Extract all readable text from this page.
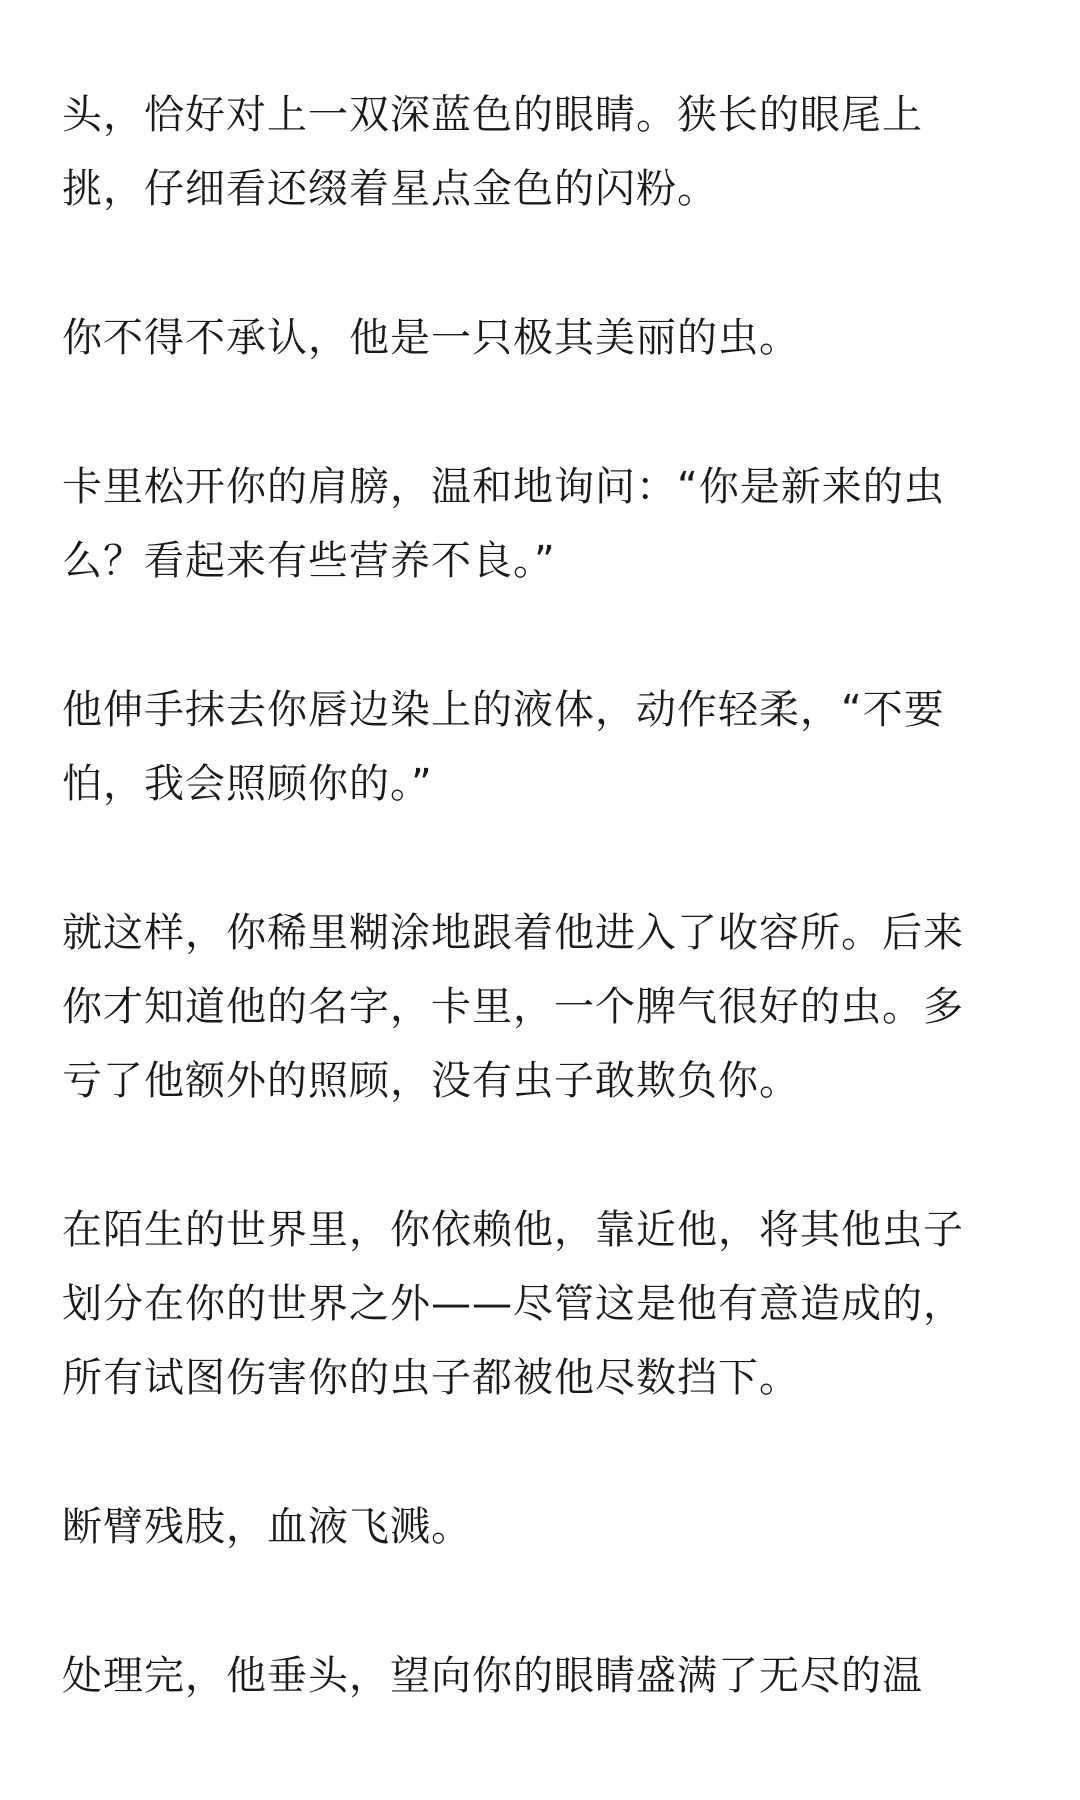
头，恰好对上一双深蓝色的眼睛。狭长的眼尾上
挑，仔细看还缀着星点金色的闪粉。

你不得不承认，他是一只极其美丽的虫。

卡里松开你的肩膀，温和地询问：“你是新来的虫
么？看起来有些营养不良。”

他伸手抹去你唇边染上的液体，动作轻柔，“不要
怕，我会照顾你的。”

就这样，你稀里糊涂地跟着他进入了收容所。后来
你才知道他的名字，卡里，一个脾气很好的虫。多
亏了他额外的照顾，没有虫子敢欺负你。

在陌生的世界里，你依赖他，靠近他，将其他虫子
划分在你的世界之外——尽管这是他有意造成的，
所有试图伤害你的虫子都被他尽数挡下。

断臂残肢，血液飞溅。

处理完，他垂头，望向你的眼睛盛满了无尽的温
